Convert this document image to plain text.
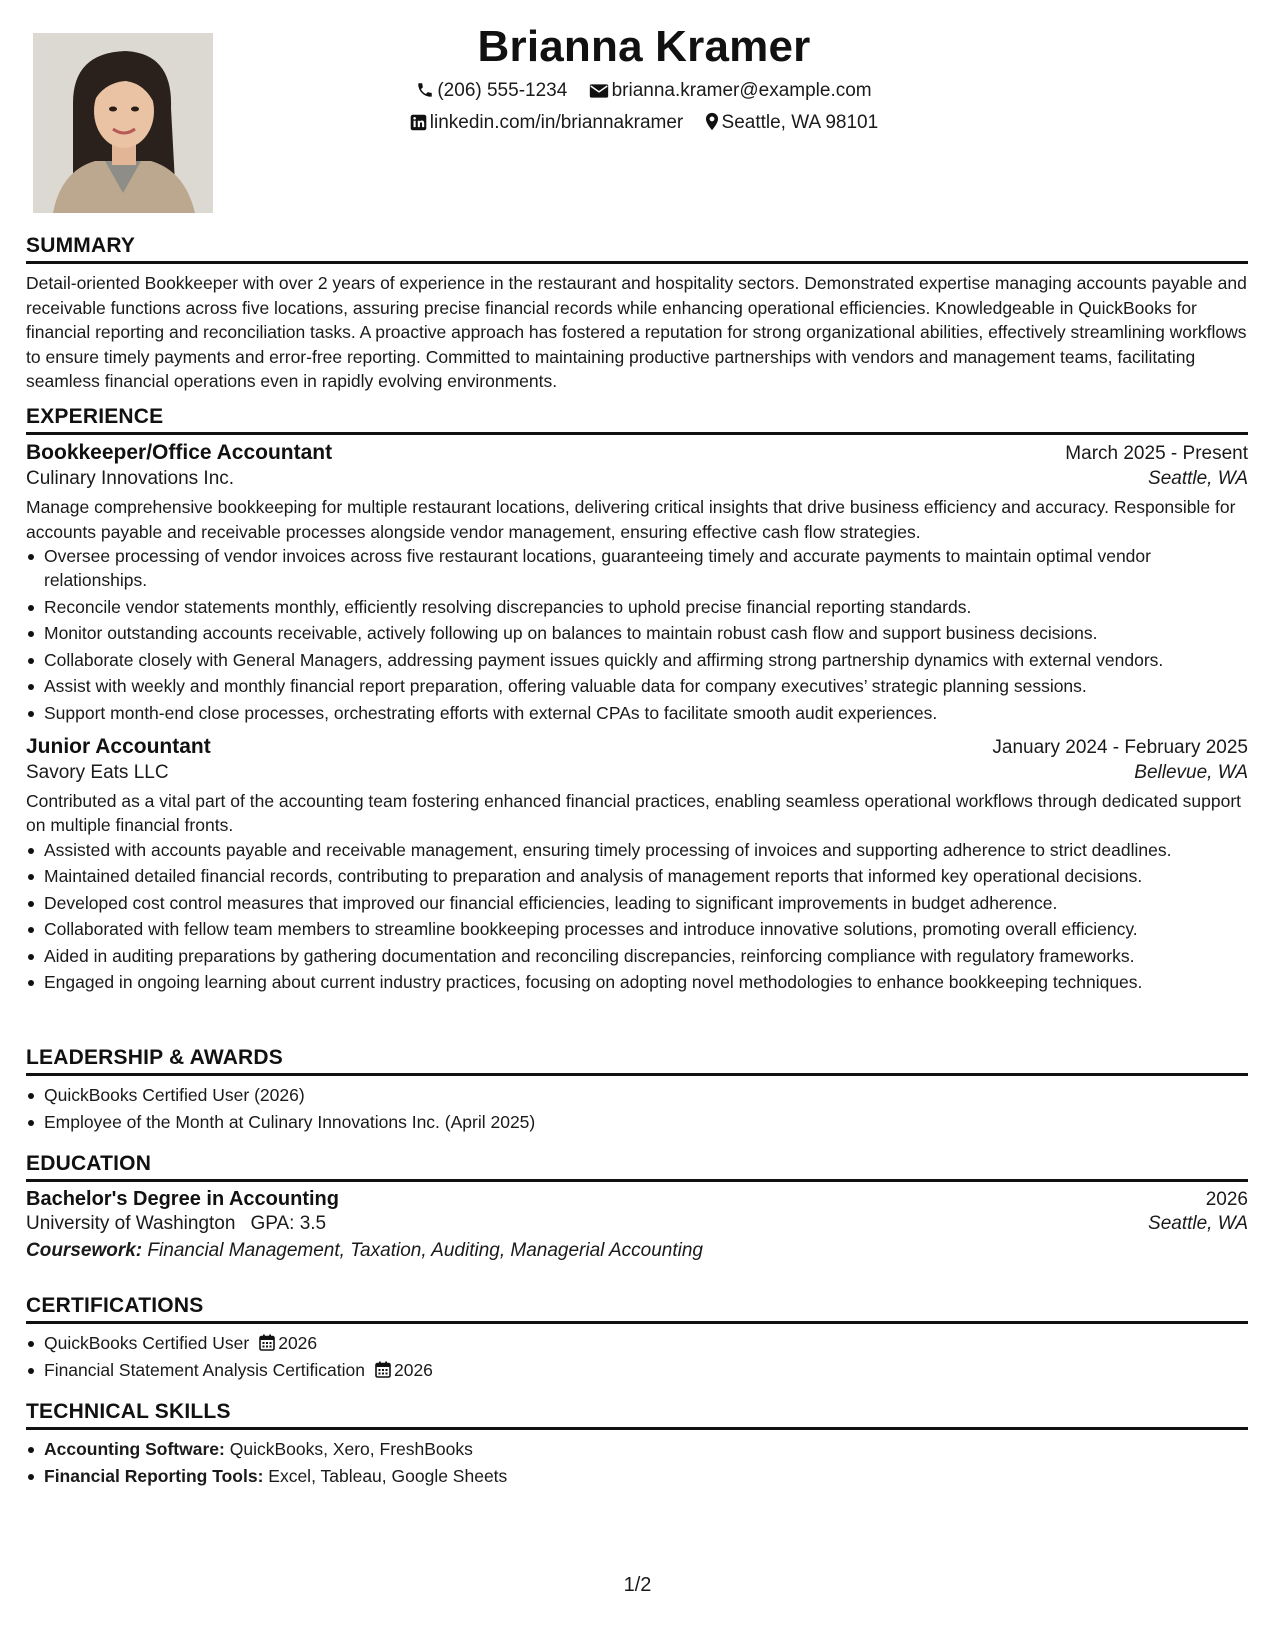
Brianna Kramer
(206) 555-1234 brianna.kramer@example.com
linkedin.com/in/briannakramer Seattle, WA 98101
SUMMARY
Detail-oriented Bookkeeper with over 2 years of experience in the restaurant and hospitality sectors. Demonstrated expertise managing accounts payable and receivable functions across five locations, assuring precise financial records while enhancing operational efficiencies. Knowledgeable in QuickBooks for financial reporting and reconciliation tasks. A proactive approach has fostered a reputation for strong organizational abilities, effectively streamlining workflows to ensure timely payments and error-free reporting. Committed to maintaining productive partnerships with vendors and management teams, facilitating seamless financial operations even in rapidly evolving environments.
EXPERIENCE
Bookkeeper/Office Accountant	March 2025 - Present
Culinary Innovations Inc.	Seattle, WA
Manage comprehensive bookkeeping for multiple restaurant locations, delivering critical insights that drive business efficiency and accuracy. Responsible for accounts payable and receivable processes alongside vendor management, ensuring effective cash flow strategies.
Oversee processing of vendor invoices across five restaurant locations, guaranteeing timely and accurate payments to maintain optimal vendor relationships.
Reconcile vendor statements monthly, efficiently resolving discrepancies to uphold precise financial reporting standards.
Monitor outstanding accounts receivable, actively following up on balances to maintain robust cash flow and support business decisions.
Collaborate closely with General Managers, addressing payment issues quickly and affirming strong partnership dynamics with external vendors.
Assist with weekly and monthly financial report preparation, offering valuable data for company executives’ strategic planning sessions.
Support month-end close processes, orchestrating efforts with external CPAs to facilitate smooth audit experiences.
Junior Accountant	January 2024 - February 2025
Savory Eats LLC	Bellevue, WA
Contributed as a vital part of the accounting team fostering enhanced financial practices, enabling seamless operational workflows through dedicated support on multiple financial fronts.
Assisted with accounts payable and receivable management, ensuring timely processing of invoices and supporting adherence to strict deadlines.
Maintained detailed financial records, contributing to preparation and analysis of management reports that informed key operational decisions.
Developed cost control measures that improved our financial efficiencies, leading to significant improvements in budget adherence.
Collaborated with fellow team members to streamline bookkeeping processes and introduce innovative solutions, promoting overall efficiency.
Aided in auditing preparations by gathering documentation and reconciling discrepancies, reinforcing compliance with regulatory frameworks.
Engaged in ongoing learning about current industry practices, focusing on adopting novel methodologies to enhance bookkeeping techniques.
LEADERSHIP & AWARDS
QuickBooks Certified User (2026)
Employee of the Month at Culinary Innovations Inc. (April 2025)
EDUCATION
Bachelor's Degree in Accounting	2026
University of Washington GPA: 3.5	Seattle, WA
Coursework: Financial Management, Taxation, Auditing, Managerial Accounting
CERTIFICATIONS
QuickBooks Certified User 2026
Financial Statement Analysis Certification 2026
TECHNICAL SKILLS
Accounting Software: QuickBooks, Xero, FreshBooks
Financial Reporting Tools: Excel, Tableau, Google Sheets
1/2
